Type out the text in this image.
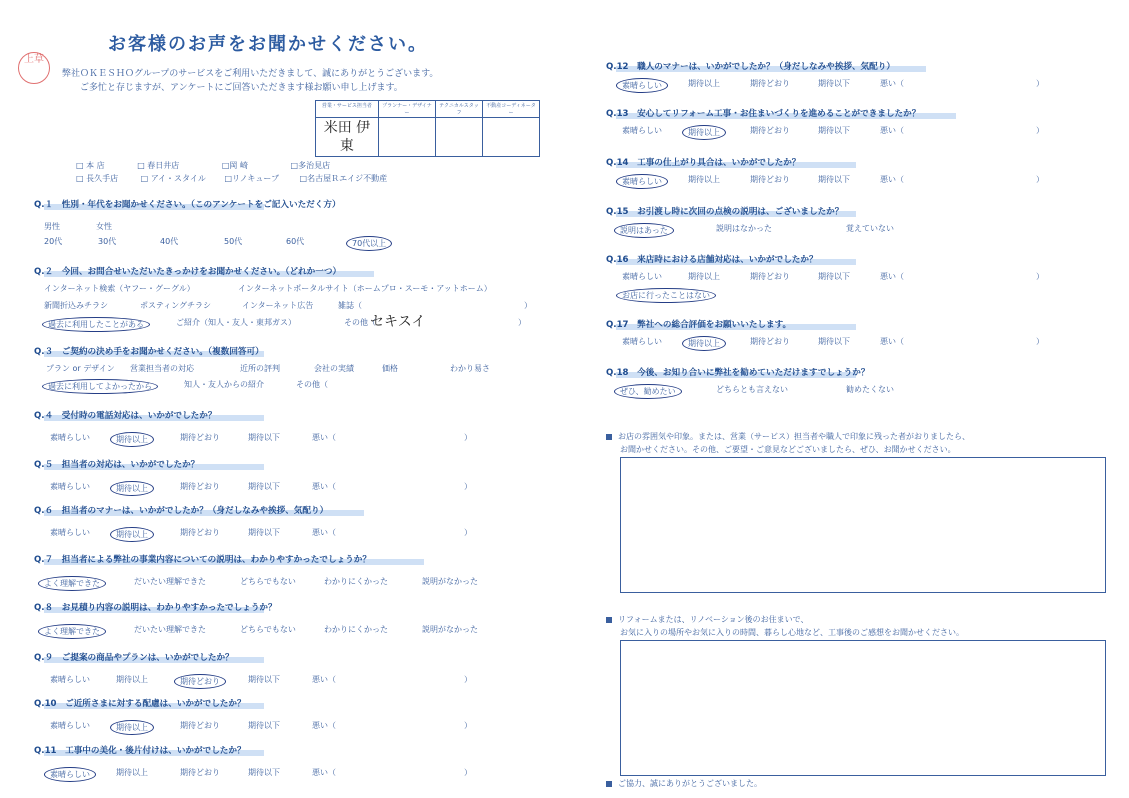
お客様のお声をお聞かせください。
上草
弊社ＯＫＥＳＨＯグループのサービスをご利用いただきまして、誠にありがとうございます。
ご多忙と存じますが、アンケートにご回答いただきます様お願い申し上げます。
営業・サービス担当者	プランナー・デザイナー	テクニカルスタッフ	不動産コーディネーター
米田 伊東			
□ 本 店	□ 春日井店	□岡 崎	□多治見店
□ 長久手店	□ アイ・スタイル □リノキューブ	□名古屋Ｒエイジ不動産
Q.１　性別・年代をお聞かせください。（このアンケートをご記入いただく方）
男性	女性
20代	30代	40代	50代	60代	70代以上
Q.２　今回、お問合せいただいたきっかけをお聞かせください。（どれか一つ）
インターネット検索（ヤフー・グーグル）	インターネットポータルサイト（ホームプロ・スーモ・アットホーム）
新聞折込みチラシ	ポスティングチラシ	インターネット広告	雑誌（	）
過去に利用したことがある	ご紹介（知人・友人・東邦ガス）	その他（	）
セキスイ
Q.３　ご契約の決め手をお聞かせください。（複数回答可）
プラン or デザイン 営業担当者の対応	近所の評判	会社の実績	価格	わかり易さ
過去に利用してよかったから	知人・友人からの紹介	その他（
Q.４　受付時の電話対応は、いかがでしたか？
素晴らしい	期待以上	期待どおり	期待以下	悪い（	）
Q.５　担当者の対応は、いかがでしたか？
素晴らしい	期待以上	期待どおり	期待以下	悪い（	）
Q.６　担当者のマナーは、いかがでしたか？（身だしなみや挨拶、気配り）
素晴らしい	期待以上	期待どおり	期待以下	悪い（	）
Q.７　担当者による弊社の事業内容についての説明は、わかりやすかったでしょうか？
よく理解できた	だいたい理解できた	どちらでもない	わかりにくかった	説明がなかった
Q.８　お見積り内容の説明は、わかりやすかったでしょうか？
よく理解できた	だいたい理解できた	どちらでもない	わかりにくかった	説明がなかった
Q.９　ご提案の商品やプランは、いかがでしたか？
素晴らしい	期待以上	期待どおり	期待以下	悪い（	）
Q.10　ご近所さまに対する配慮は、いかがでしたか？
素晴らしい	期待以上	期待どおり	期待以下	悪い（	）
Q.11　工事中の美化・後片付けは、いかがでしたか？
素晴らしい	期待以上	期待どおり	期待以下	悪い（	）
Q.12　職人のマナーは、いかがでしたか？（身だしなみや挨拶、気配り）
素晴らしい	期待以上	期待どおり	期待以下	悪い（	）
Q.13　安心してリフォーム工事・お住まいづくりを進めることができましたか？
素晴らしい	期待以上	期待どおり	期待以下	悪い（	）
Q.14　工事の仕上がり具合は、いかがでしたか？
素晴らしい	期待以上	期待どおり	期待以下	悪い（	）
Q.15　お引渡し時に次回の点検の説明は、ございましたか？
説明はあった	説明はなかった	覚えていない
Q.16　来店時における店舗対応は、いかがでしたか？
素晴らしい	期待以上	期待どおり	期待以下	悪い（	）
お店に行ったことはない
Q.17　弊社への総合評価をお願いいたします。
素晴らしい	期待以上	期待どおり	期待以下	悪い（	）
Q.18　今後、お知り合いに弊社を勧めていただけますでしょうか？
ぜひ、勧めたい	どちらとも言えない	勧めたくない
お店の雰囲気や印象。または、営業（サービス）担当者や職人で印象に残った者がおりましたら、
お聞かせください。その他、ご要望・ご意見などございましたら、ぜひ、お聞かせください。
リフォームまたは、リノベーション後のお住まいで、
お気に入りの場所やお気に入りの時間、暮らし心地など、工事後のご感想をお聞かせください。
ご協力、誠にありがとうございました。
